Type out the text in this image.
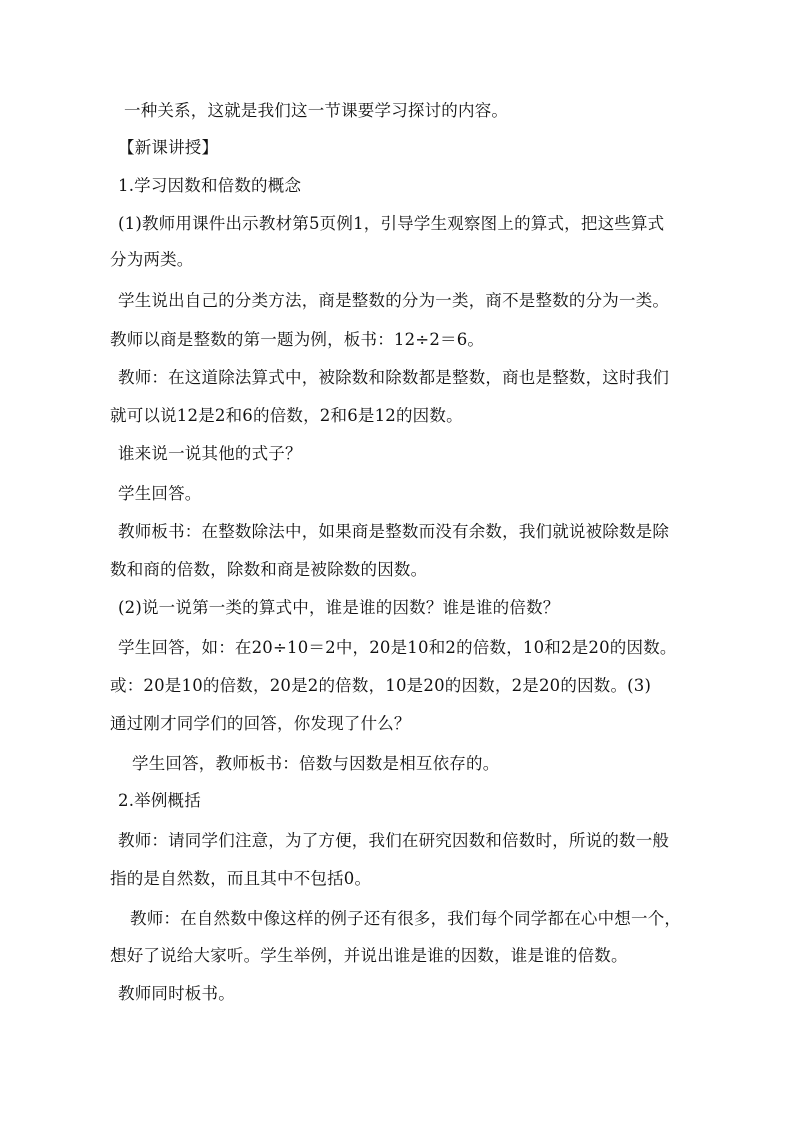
一种关系，这就是我们这一节课要学习探讨的内容。
【新课讲授】
1.学习因数和倍数的概念
(1)教师用课件出示教材第5页例1，引导学生观察图上的算式，把这些算式
分为两类。
学生说出自己的分类方法，商是整数的分为一类，商不是整数的分为一类。
教师以商是整数的第一题为例，板书：12÷2＝6。
教师：在这道除法算式中，被除数和除数都是整数，商也是整数，这时我们
就可以说12是2和6的倍数，2和6是12的因数。
谁来说一说其他的式子？
学生回答。
教师板书：在整数除法中，如果商是整数而没有余数，我们就说被除数是除
数和商的倍数，除数和商是被除数的因数。
(2)说一说第一类的算式中，谁是谁的因数？谁是谁的倍数？
学生回答，如：在20÷10＝2中，20是10和2的倍数，10和2是20的因数。
或：20是10的倍数，20是2的倍数，10是20的因数，2是20的因数。(3)
通过刚才同学们的回答，你发现了什么？
学生回答，教师板书：倍数与因数是相互依存的。
2.举例概括
教师：请同学们注意，为了方便，我们在研究因数和倍数时，所说的数一般
指的是自然数，而且其中不包括0。
教师：在自然数中像这样的例子还有很多，我们每个同学都在心中想一个，
想好了说给大家听。学生举例，并说出谁是谁的因数，谁是谁的倍数。
教师同时板书。
